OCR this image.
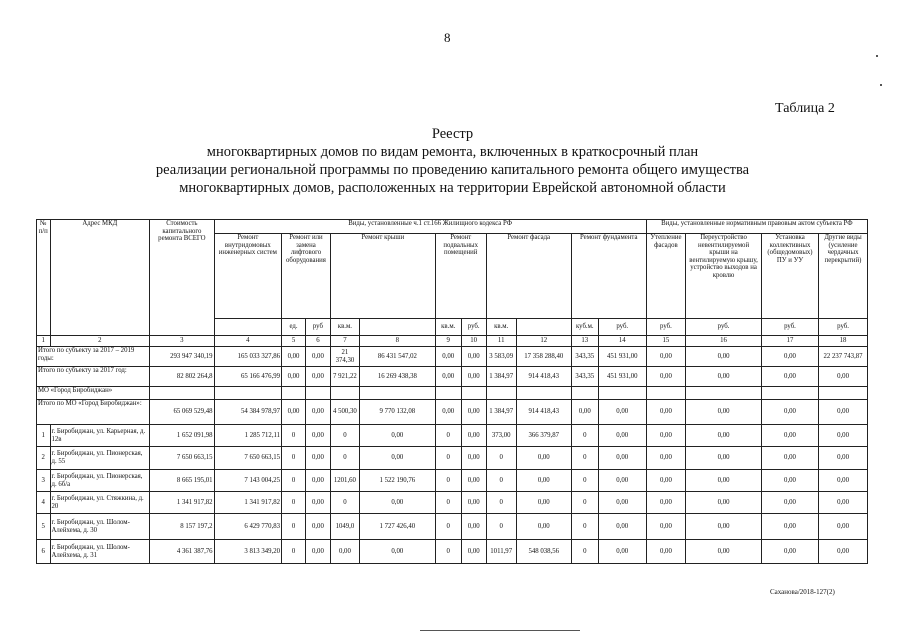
8
Таблица 2
Реестр
многоквартирных домов по видам ремонта, включенных в краткосрочный план
реализации региональной программы по проведению капитального ремонта общего имущества
многоквартирных домов, расположенных на территории Еврейской автономной области
№ п/п	Адрес МКД	Стоимость капитального ремонта ВСЕГО	Виды, установленные ч.1 ст.166 Жилищного кодекса РФ											Виды, установленные нормативным правовым актом субъекта РФ			
			Ремонт внутридомовых инженерных систем	Ремонт или замена лифтового оборудования		Ремонт крыши		Ремонт подвальных помещений		Ремонт фасада		Ремонт фундамента		Утепление фасадов	Переустройство невентилируемой крыши на вентилируемую крышу, устройство выходов на кровлю	Установка коллективных (общедомовых) ПУ и УУ	Другие виды (усиление чердачных перекрытий)
				ед.	руб	кв.м.		кв.м.	руб.	кв.м.		куб.м.	руб.	руб.	руб.	руб.	руб.
1	2	3	4	5	6	7	8	9	10	11	12	13	14	15	16	17	18
Итого по субъекту за 2017 – 2019 годы:		293 947 340,19	165 033 327,86	0,00	0,00	21 374,30	86 431 547,02	0,00	0,00	3 583,09	17 358 288,40	343,35	451 931,00	0,00	0,00	0,00	22 237 743,87
Итого по субъекту за 2017 год:		82 802 264,8	65 166 476,99	0,00	0,00	7 921,22	16 269 438,38	0,00	0,00	1 384,97	914 418,43	343,35	451 931,00	0,00	0,00	0,00	0,00
МО «Город Биробиджан»																	
Итого по МО «Город Биробиджан»:		65 069 529,48	54 384 978,97	0,00	0,00	4 500,30	9 770 132,08	0,00	0,00	1 384,97	914 418,43	0,00	0,00	0,00	0,00	0,00	0,00
1	г. Биробиджан, ул. Карьерная, д. 12в	1 652 091,98	1 285 712,11	0	0,00	0	0,00	0	0,00	373,00	366 379,87	0	0,00	0,00	0,00	0,00	0,00
2	г. Биробиджан, ул. Пионерская, д. 55	7 650 663,15	7 650 663,15	0	0,00	0	0,00	0	0,00	0	0,00	0	0,00	0,00	0,00	0,00	0,00
3	г. Биробиджан, ул. Пионерская, д. 6б/а	8 665 195,01	7 143 004,25	0	0,00	1201,60	1 522 190,76	0	0,00	0	0,00	0	0,00	0,00	0,00	0,00	0,00
4	г. Биробиджан, ул. Стяжкина, д. 20	1 341 917,82	1 341 917,82	0	0,00	0	0,00	0	0,00	0	0,00	0	0,00	0,00	0,00	0,00	0,00
5	г. Биробиджан, ул. Шолом-Алейхема, д. 30	8 157 197,2	6 429 770,83	0	0,00	1049,0	1 727 426,40	0	0,00	0	0,00	0	0,00	0,00	0,00	0,00	0,00
6	г. Биробиджан, ул. Шолом-Алейхема, д. 31	4 361 387,76	3 813 349,20	0	0,00	0,00	0,00	0	0,00	1011,97	548 038,56	0	0,00	0,00	0,00	0,00	0,00
Саханова/2018-127(2)
